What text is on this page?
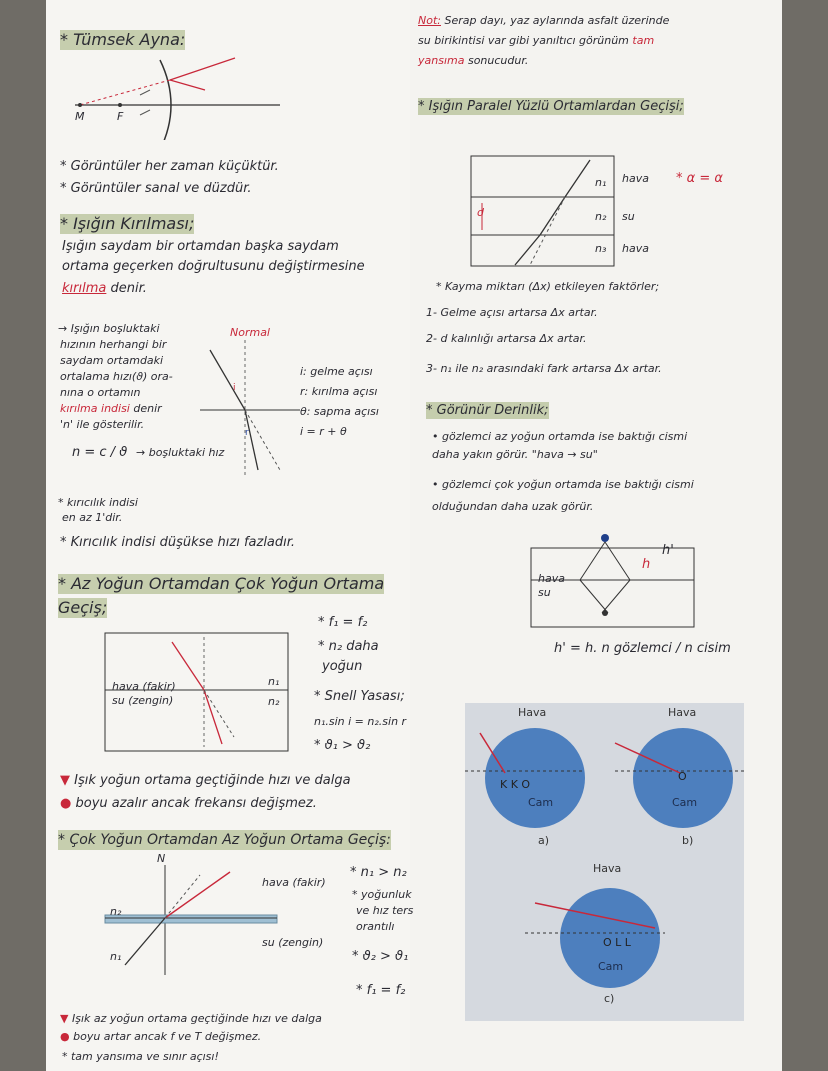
* Tümsek Ayna:
M	F
* Görüntüler her zaman küçüktür.
* Görüntüler sanal ve düzdür.
* Işığın Kırılması;
Işığın saydam bir ortamdan başka saydam
ortama geçerken doğrultusunu değiştirmesine
kırılma denir.
→ Işığın boşluktaki
hızının herhangi bir
saydam ortamdaki
ortalama hızı(ϑ) ora-
nına o ortamın
kırılma indisi denir
'n' ile gösterilir.
n = c / ϑ → boşluktaki hız
Normal
i
r
i: gelme açısı
r: kırılma açısı
θ: sapma açısı
i = r + θ
* kırıcılık indisi
en az 1'dir.
* Kırıcılık indisi düşükse hızı fazladır.
* Az Yoğun Ortamdan Çok Yoğun Ortama
Geçiş;
hava (fakir)
su (zengin)
n₁
n₂
* f₁ = f₂
* n₂ daha
yoğun
* Snell Yasası;
n₁.sin i = n₂.sin r
* ϑ₁ > ϑ₂
▼ Işık yoğun ortama geçtiğinde hızı ve dalga
● boyu azalır ancak frekansı değişmez.
* Çok Yoğun Ortamdan Az Yoğun Ortama Geçiş:
N
hava (fakir)
su (zengin)
n₂
n₁
* n₁ > n₂
* yoğunluk
ve hız ters
orantılı
* ϑ₂ > ϑ₁
* f₁ = f₂
▼ Işık az yoğun ortama geçtiğinde hızı ve dalga
● boyu artar ancak f ve T değişmez.
* tam yansıma ve sınır açısı!
Not: Serap dayı, yaz aylarında asfalt üzerinde
su birikintisi var gibi yanıltıcı görünüm tam
yansıma sonucudur.
* Işığın Paralel Yüzlü Ortamlardan Geçişi;
d
n₁
n₂
n₃
hava
su
hava
* α = α
* Kayma miktarı (Δx) etkileyen faktörler;
1- Gelme açısı artarsa Δx artar.
2- d kalınlığı artarsa Δx artar.
3- n₁ ile n₂ arasındaki fark artarsa Δx artar.
* Görünür Derinlik;
• gözlemci az yoğun ortamda ise baktığı cismi
daha yakın görür. "hava → su"
• gözlemci çok yoğun ortamda ise baktığı cismi
olduğundan daha uzak görür.
hava
su
h
h'
h' = h. n gözlemci / n cisim
Hava	Hava
Hava
K K O
O
O L L
Cam	Cam
Cam
a)	b)
c)
